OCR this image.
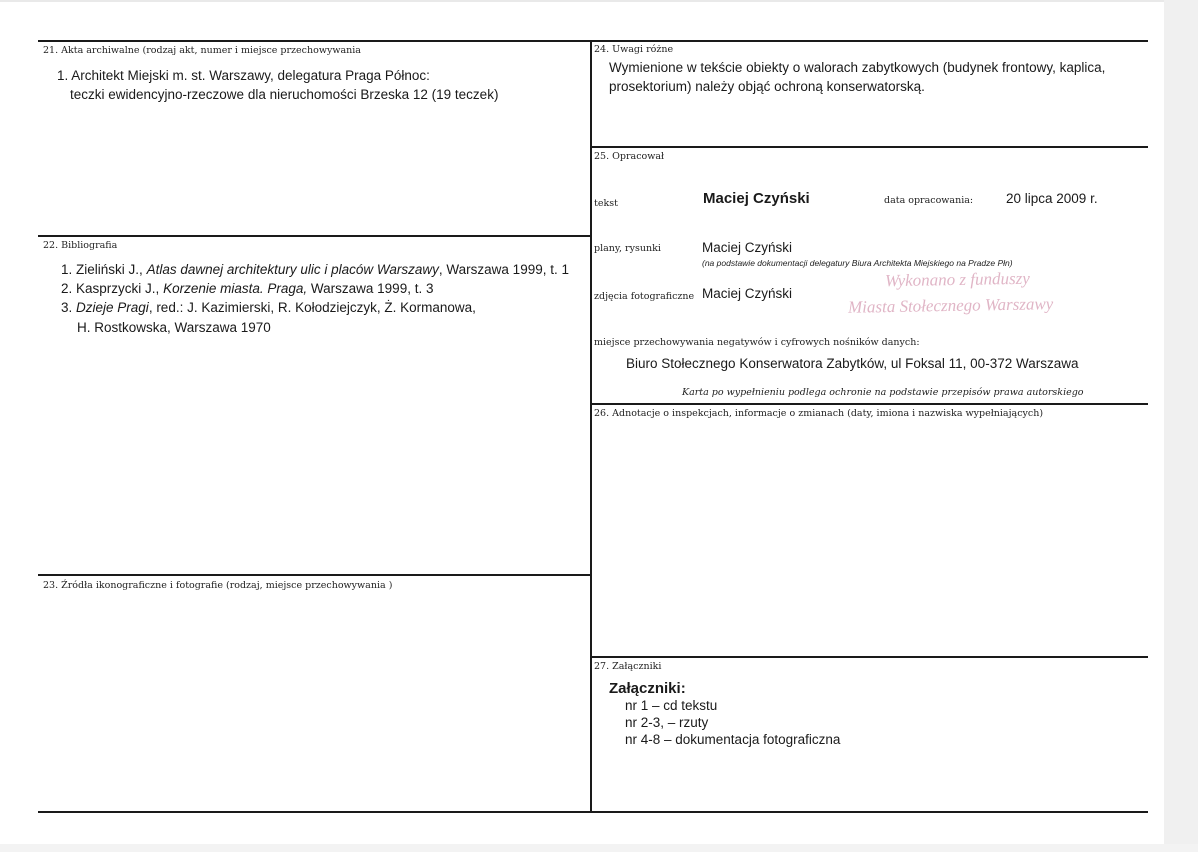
21. Akta archiwalne (rodzaj akt, numer i miejsce przechowywania
1. Architekt Miejski m. st. Warszawy, delegatura Praga Północ:
teczki ewidencyjno-rzeczowe dla nieruchomości Brzeska 12 (19 teczek)
22. Bibliografia
1. Zieliński J., Atlas dawnej architektury ulic i placów Warszawy, Warszawa 1999, t. 1
2. Kasprzycki J., Korzenie miasta. Praga, Warszawa 1999, t. 3
3. Dzieje Pragi, red.: J. Kazimierski, R. Kołodziejczyk, Ż. Kormanowa,
H. Rostkowska, Warszawa 1970
23. Źródła ikonograficzne i fotografie (rodzaj, miejsce przechowywania )
24. Uwagi różne
Wymienione w tekście obiekty o walorach zabytkowych (budynek frontowy, kaplica,
prosektorium) należy objąć ochroną konserwatorską.
25. Opracował
tekst	Maciej Czyński	data opracowania: 20 lipca 2009 r.
plany, rysunki	Maciej Czyński
(na podstawie dokumentacji delegatury Biura Architekta Miejskiego na Pradze Płn)
Wykonano z funduszy
Miasta Stołecznego Warszawy
zdjęcia fotograficzne Maciej Czyński
miejsce przechowywania negatywów i cyfrowych nośników danych:
Biuro Stołecznego Konserwatora Zabytków, ul Foksal 11, 00-372 Warszawa
Karta po wypełnieniu podlega ochronie na podstawie przepisów prawa autorskiego
26. Adnotacje o inspekcjach, informacje o zmianach (daty, imiona i nazwiska wypełniających)
27. Załączniki
Załączniki:
nr 1 – cd tekstu
nr 2-3, – rzuty
nr 4-8 – dokumentacja fotograficzna
